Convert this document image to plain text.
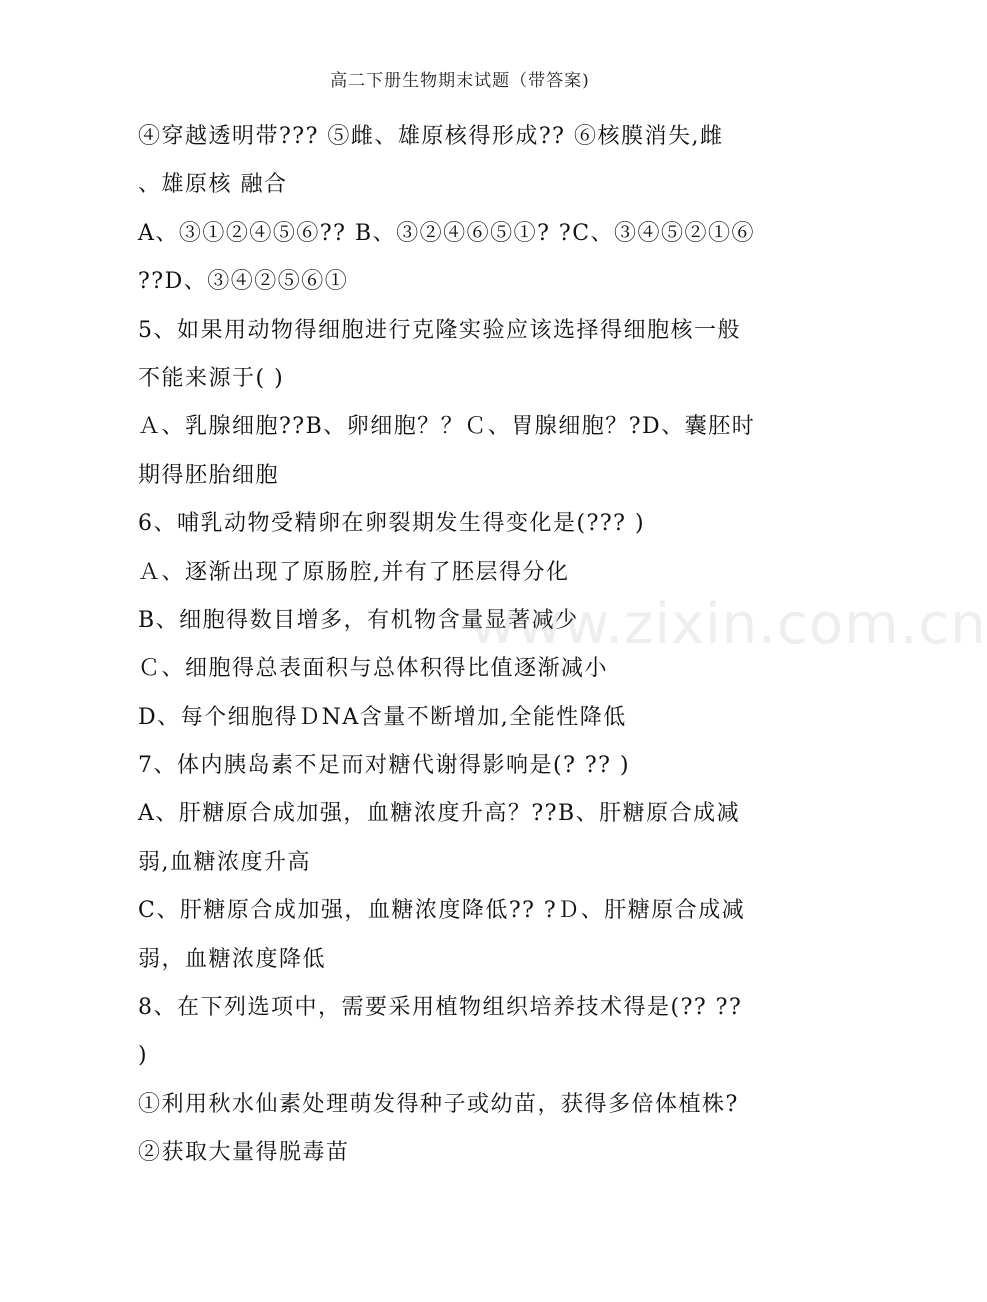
高二下册生物期末试题（带答案)
④穿越透明带??? ⑤雌、雄原核得形成?? ⑥核膜消失,雌
、雄原核 融合
A、③①②④⑤⑥?? B、③②④⑥⑤①? ?C、③④⑤②①⑥
??D、③④②⑤⑥①
5、如果用动物得细胞进行克隆实验应该选择得细胞核一般
不能来源于( )
Ａ、乳腺细胞??B、卵细胞？？Ｃ、胃腺细胞？?D、囊胚时
期得胚胎细胞
6、哺乳动物受精卵在卵裂期发生得变化是(??? )
Ａ、逐渐出现了原肠腔,并有了胚层得分化
B、细胞得数目增多，有机物含量显著减少
Ｃ、细胞得总表面积与总体积得比值逐渐减小
D、每个细胞得ＤNA含量不断增加,全能性降低
7、体内胰岛素不足而对糖代谢得影响是(? ?? )
A、肝糖原合成加强，血糖浓度升高？??B、肝糖原合成减
弱,血糖浓度升高
C、肝糖原合成加强，血糖浓度降低?? ?Ｄ、肝糖原合成减
弱，血糖浓度降低
8、在下列选项中，需要采用植物组织培养技术得是(?? ??
)
①利用秋水仙素处理萌发得种子或幼苗，获得多倍体植株?
②获取大量得脱毒苗
www.zixin.com.cn
